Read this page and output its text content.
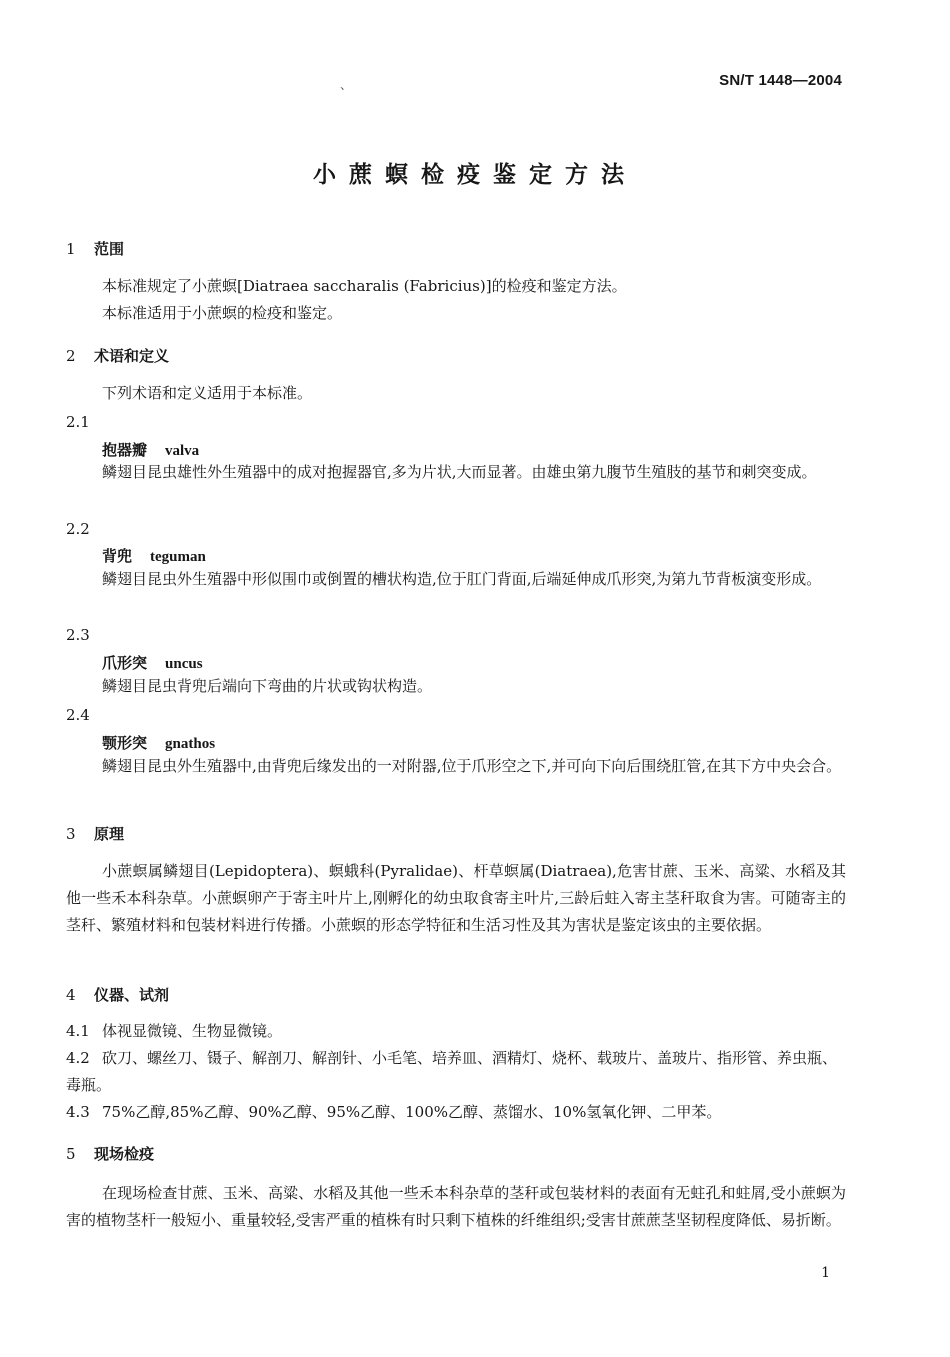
、	SN/T 1448—2004
小蔗螟检疫鉴定方法
1 范围

本标准规定了小蔗螟[Diatraea saccharalis (Fabricius)]的检疫和鉴定方法。

本标准适用于小蔗螟的检疫和鉴定。

2 术语和定义

下列术语和定义适用于本标准。

2.1
抱器瓣 valva

鳞翅目昆虫雄性外生殖器中的成对抱握器官,多为片状,大而显著。由雄虫第九腹节生殖肢的基节和刺突变成。

2.2
背兜 teguman

鳞翅目昆虫外生殖器中形似围巾或倒置的槽状构造,位于肛门背面,后端延伸成爪形突,为第九节背板演变形成。

2.3
爪形突 uncus

鳞翅目昆虫背兜后端向下弯曲的片状或钩状构造。

2.4
颚形突 gnathos

鳞翅目昆虫外生殖器中,由背兜后缘发出的一对附器,位于爪形空之下,并可向下向后围绕肛管,在其下方中央会合。

3 原理

小蔗螟属鳞翅目(Lepidoptera)、螟蛾科(Pyralidae)、杆草螟属(Diatraea),危害甘蔗、玉米、高粱、水稻及其他一些禾本科杂草。小蔗螟卵产于寄主叶片上,刚孵化的幼虫取食寄主叶片,三龄后蛀入寄主茎秆取食为害。可随寄主的茎秆、繁殖材料和包装材料进行传播。小蔗螟的形态学特征和生活习性及其为害状是鉴定该虫的主要依据。

4 仪器、试剂

4.1 体视显微镜、生物显微镜。

4.2 砍刀、螺丝刀、镊子、解剖刀、解剖针、小毛笔、培养皿、酒精灯、烧杯、载玻片、盖玻片、指形管、养虫瓶、毒瓶。

4.3 75%乙醇,85%乙醇、90%乙醇、95%乙醇、100%乙醇、蒸馏水、10%氢氧化钾、二甲苯。

5 现场检疫

在现场检查甘蔗、玉米、高粱、水稻及其他一些禾本科杂草的茎秆或包装材料的表面有无蛀孔和蛀屑,受小蔗螟为害的植物茎杆一般短小、重量较轻,受害严重的植株有时只剩下植株的纤维组织;受害甘蔗蔗茎坚韧程度降低、易折断。

1
